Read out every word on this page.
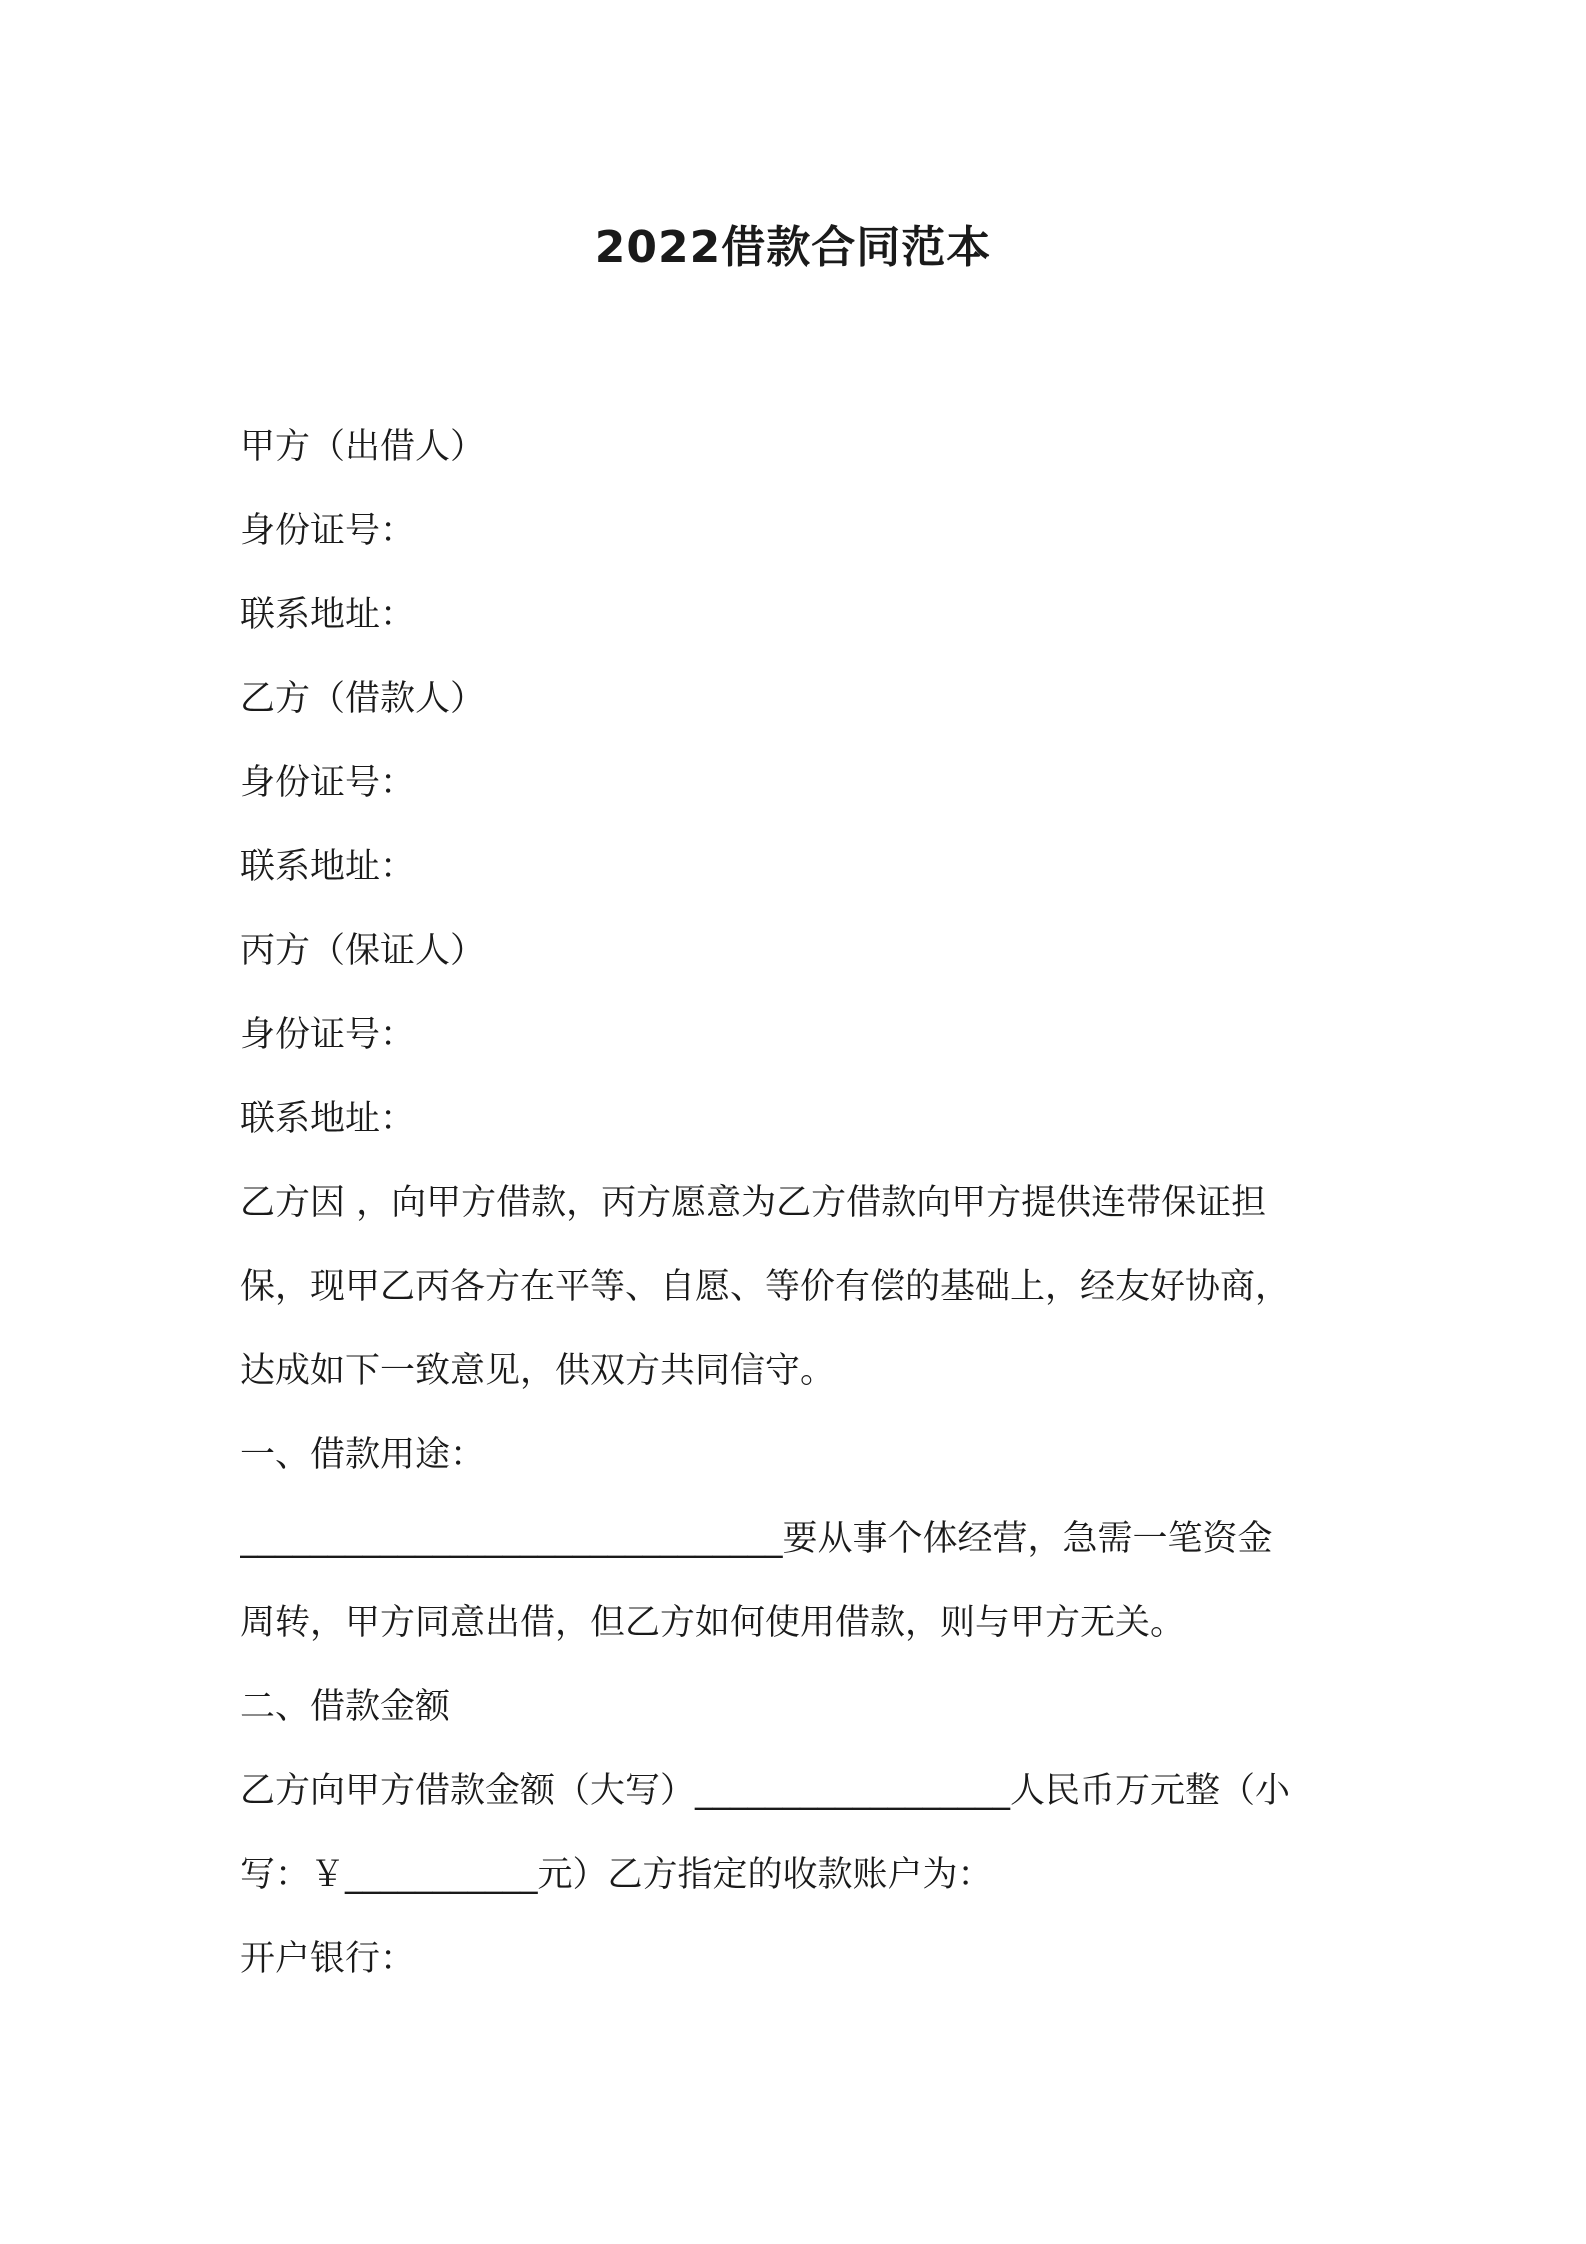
2022借款合同范本
甲方（出借人）
身份证号：
联系地址：
乙方（借款人）
身份证号：
联系地址：
丙方（保证人）
身份证号：
联系地址：
乙方因 ，向甲方借款，丙方愿意为乙方借款向甲方提供连带保证担
保，现甲乙丙各方在平等、自愿、等价有偿的基础上，经友好协商，
达成如下一致意见，供双方共同信守。
一、借款用途：
_______________________________要从事个体经营，急需一笔资金
周转，甲方同意出借，但乙方如何使用借款，则与甲方无关。
二、借款金额
乙方向甲方借款金额（大写）__________________人民币万元整（小
写：￥___________元）乙方指定的收款账户为：
开户银行：
